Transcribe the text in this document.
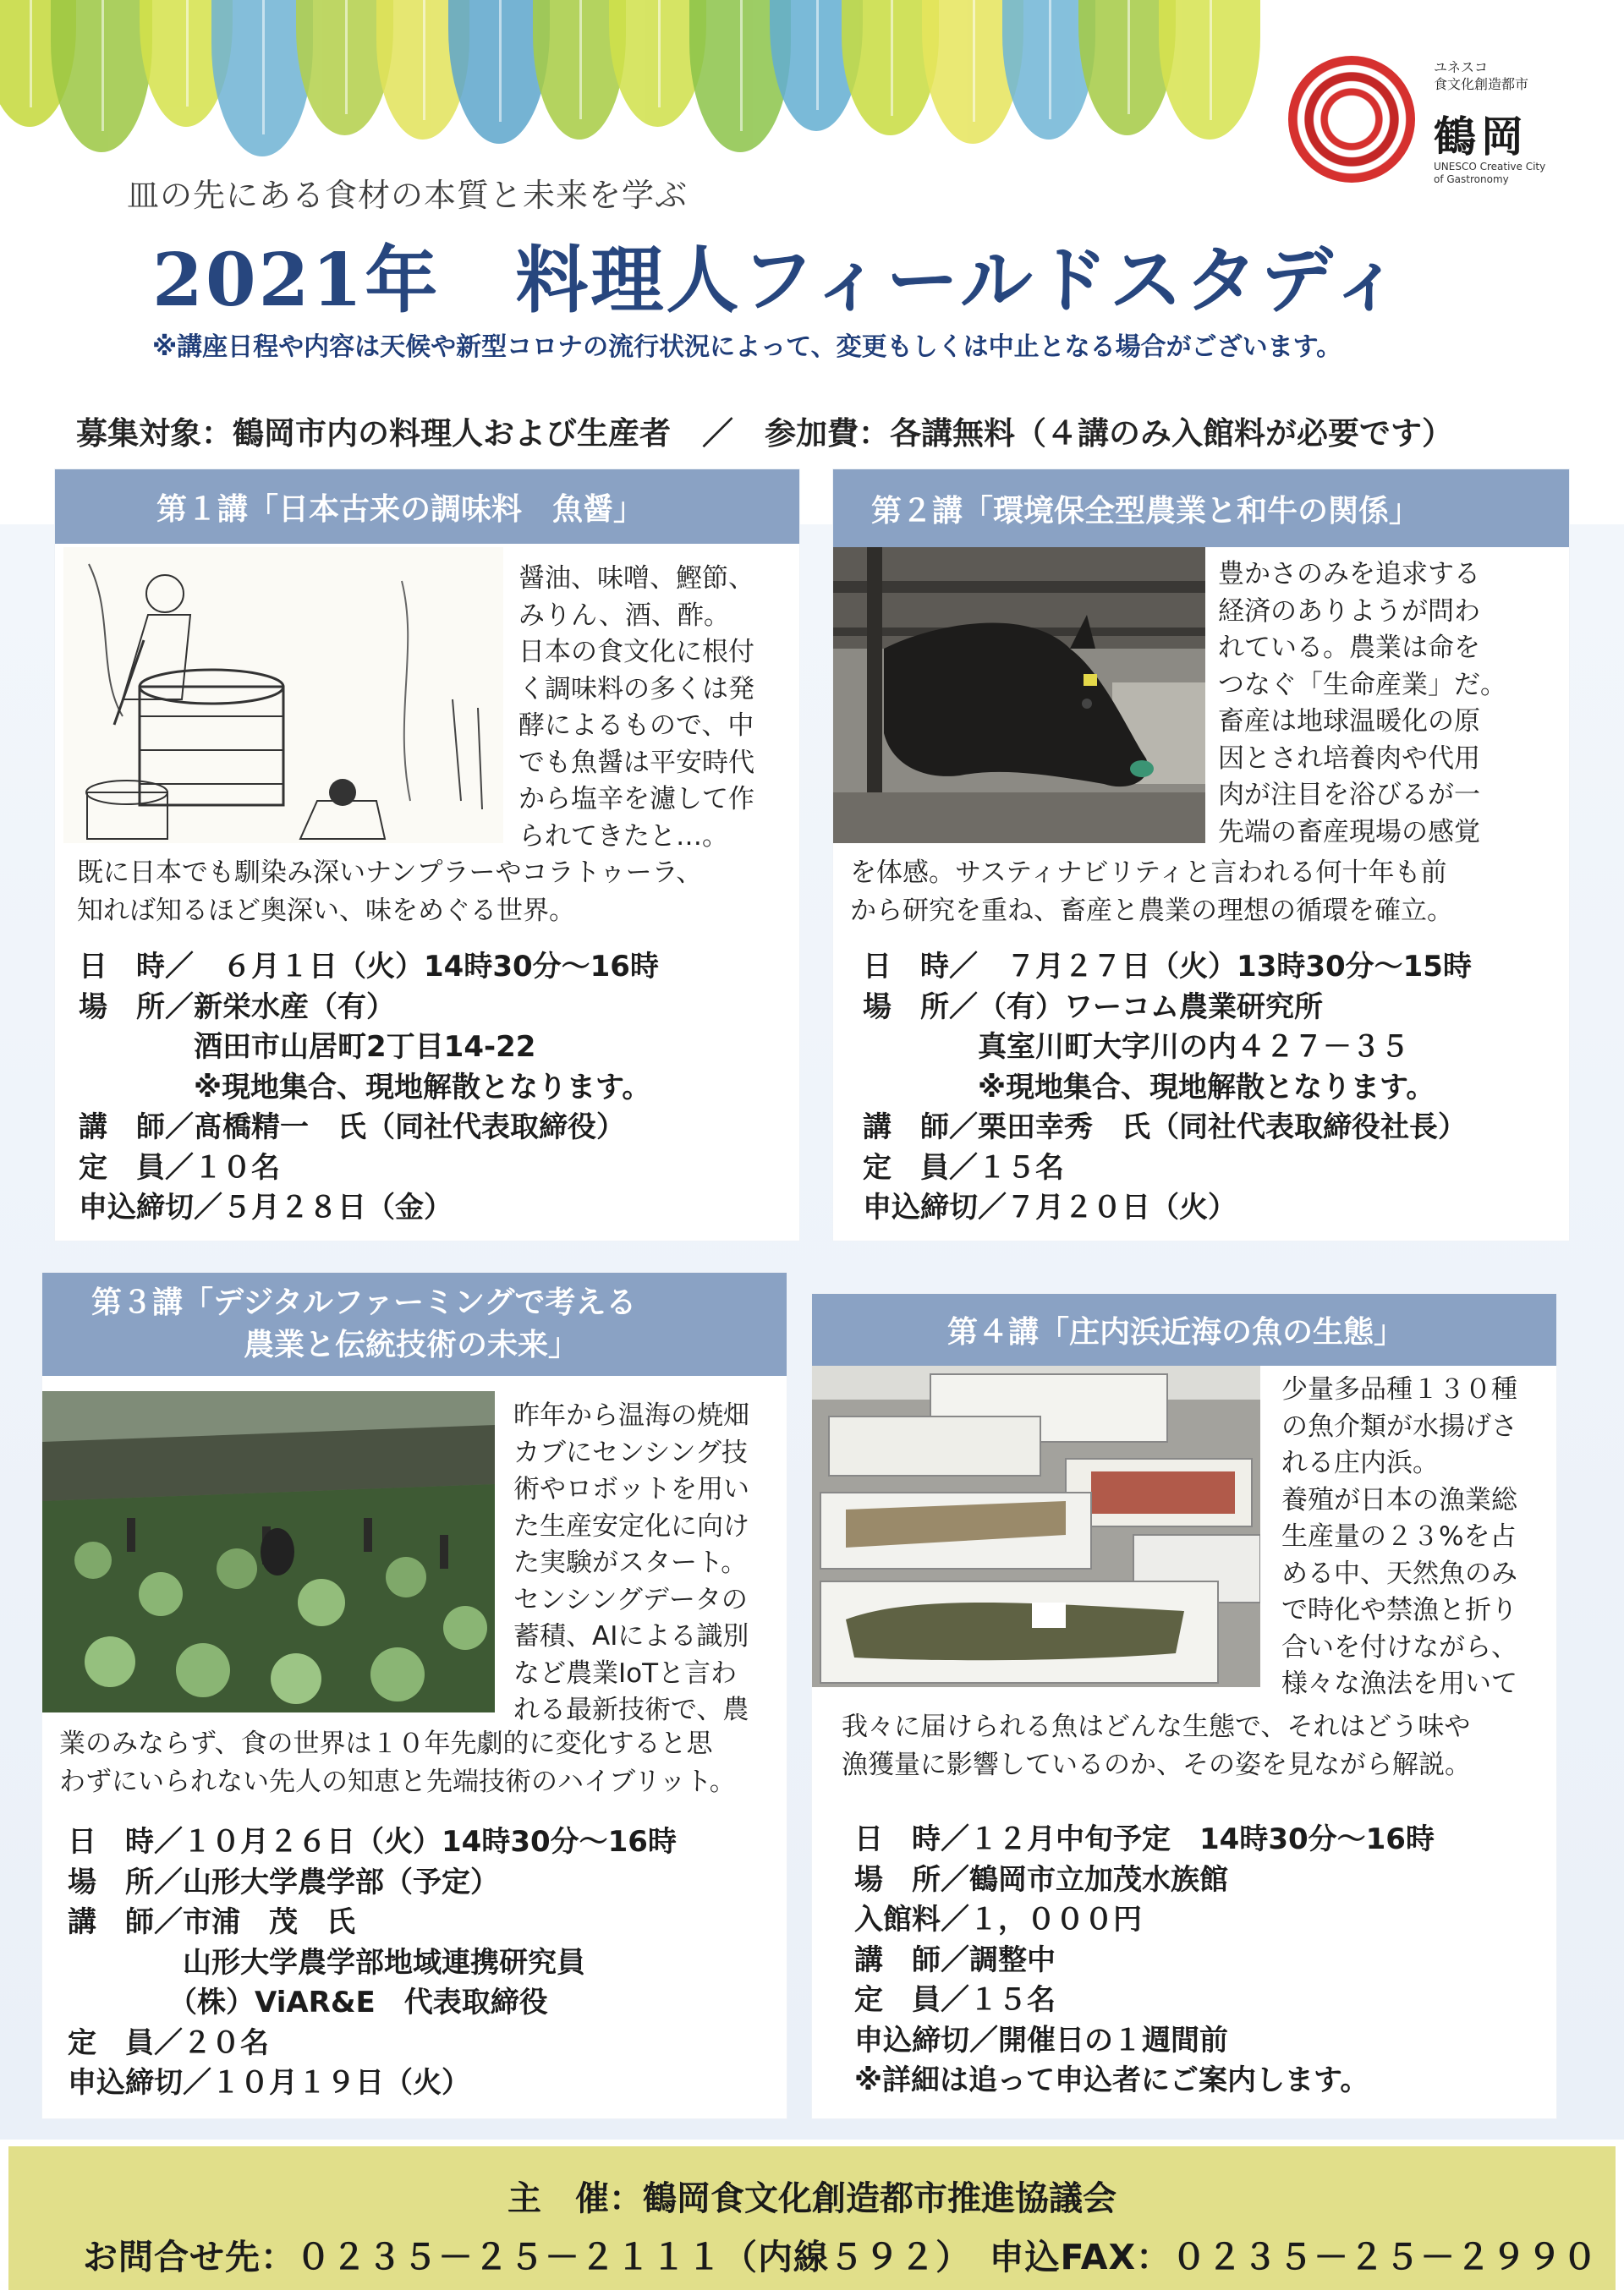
ユネスコ
食文化創造都市
鶴岡
UNESCO Creative City
of Gastronomy
皿の先にある食材の本質と未来を学ぶ
2021年　料理人フィールドスタディ
※講座日程や内容は天候や新型コロナの流行状況によって、変更もしくは中止となる場合がございます。
募集対象：鶴岡市内の料理人および生産者　／　参加費：各講無料（４講のみ入館料が必要です）
第１講「日本古来の調味料　魚醤」
醤油、味噌、鰹節、
みりん、酒、酢。
日本の食文化に根付
く調味料の多くは発
酵によるもので、中
でも魚醤は平安時代
から塩辛を濾して作
られてきたと…。
既に日本でも馴染み深いナンプラーやコラトゥーラ、
知れば知るほど奥深い、味をめぐる世界。
日　時／　６月１日（火）14時30分～16時
場　所／新栄水産（有）
　　　　酒田市山居町2丁目14-22
　　　　※現地集合、現地解散となります。
講　師／髙橋精一　氏（同社代表取締役）
定　員／１０名
申込締切／５月２８日（金）
第２講「環境保全型農業と和牛の関係」
豊かさのみを追求する
経済のありようが問わ
れている。農業は命を
つなぐ「生命産業」だ。
畜産は地球温暖化の原
因とされ培養肉や代用
肉が注目を浴びるが一
先端の畜産現場の感覚
を体感。サスティナビリティと言われる何十年も前
から研究を重ね、畜産と農業の理想の循環を確立。
日　時／　７月２７日（火）13時30分～15時
場　所／（有）ワーコム農業研究所
　　　　真室川町大字川の内４２７－３５
　　　　※現地集合、現地解散となります。
講　師／栗田幸秀　氏（同社代表取締役社長）
定　員／１５名
申込締切／７月２０日（火）
第３講「デジタルファーミングで考える
　　　　　農業と伝統技術の未来」
昨年から温海の焼畑
カブにセンシング技
術やロボットを用い
た生産安定化に向け
た実験がスタート。
センシングデータの
蓄積、AIによる識別
など農業IoTと言わ
れる最新技術で、農
業のみならず、食の世界は１０年先劇的に変化すると思
わずにいられない先人の知恵と先端技術のハイブリット。
日　時／１０月２６日（火）14時30分～16時
場　所／山形大学農学部（予定）
講　師／市浦　茂　氏
　　　　山形大学農学部地域連携研究員
　　　　（株）ViAR&E　代表取締役
定　員／２０名
申込締切／１０月１９日（火）
第４講「庄内浜近海の魚の生態」
少量多品種１３０種
の魚介類が水揚げさ
れる庄内浜。
養殖が日本の漁業総
生産量の２３%を占
める中、天然魚のみ
で時化や禁漁と折り
合いを付けながら、
様々な漁法を用いて
我々に届けられる魚はどんな生態で、それはどう味や
漁獲量に影響しているのか、その姿を見ながら解説。
日　時／１２月中旬予定　14時30分～16時
場　所／鶴岡市立加茂水族館
入館料／１，０００円
講　師／調整中
定　員／１５名
申込締切／開催日の１週間前
※詳細は追って申込者にご案内します。
主　催：鶴岡食文化創造都市推進協議会
お問合せ先：０２３５－２５－２１１１（内線５９２）　申込FAX：０２３５－２５－２９９０
